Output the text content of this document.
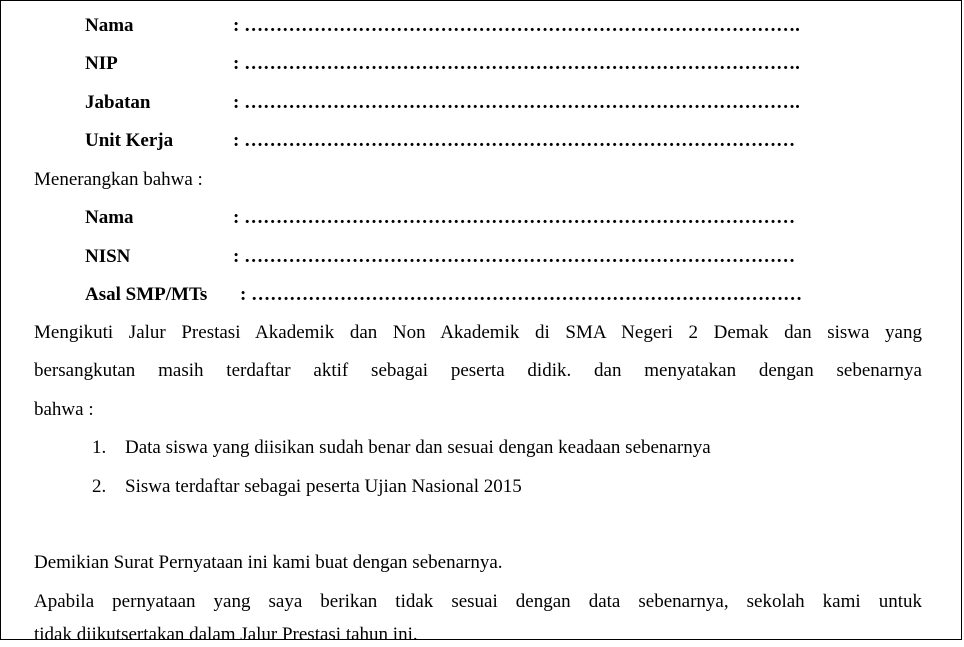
Nama	: …………………………………………………………………………….
NIP	: …………………………………………………………………………….
Jabatan	: …………………………………………………………………………….
Unit Kerja	: ……………………………………………………………………………
Menerangkan bahwa :
Nama	: ……………………………………………………………………………
NISN	: ……………………………………………………………………………
Asal SMP/MTs : ……………………………………………………………………………
Mengikuti Jalur Prestasi Akademik dan Non Akademik di SMA Negeri 2 Demak dan siswa yang
bersangkutan masih terdaftar aktif sebagai peserta didik. dan menyatakan dengan sebenarnya
bahwa :
1. Data siswa yang diisikan sudah benar dan sesuai dengan keadaan sebenarnya
2. Siswa terdaftar sebagai peserta Ujian Nasional 2015
Demikian Surat Pernyataan ini kami buat dengan sebenarnya.
Apabila pernyataan yang saya berikan tidak sesuai dengan data sebenarnya, sekolah kami untuk
tidak diikutsertakan dalam Jalur Prestasi tahun ini.
